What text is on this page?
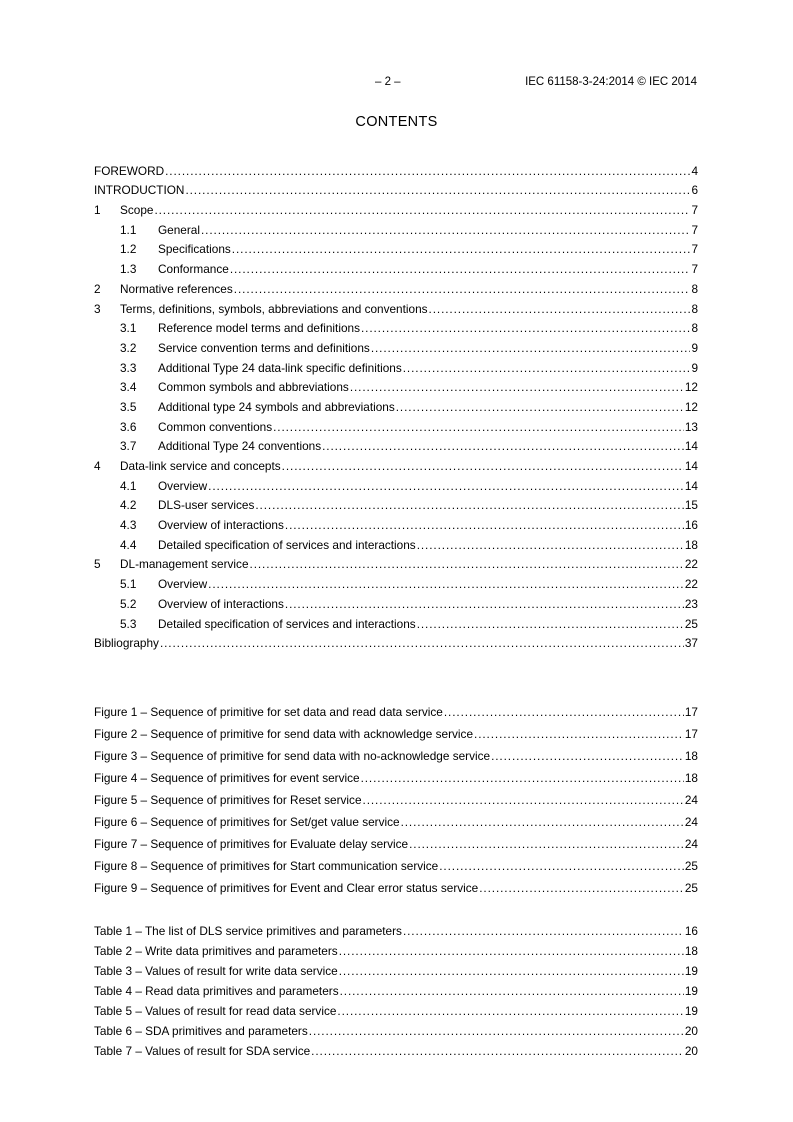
– 2 –	IEC 61158-3-24:2014 © IEC 2014
CONTENTS
FOREWORD .....	4
INTRODUCTION .....	6
1	Scope .....	7
1.1	General .....	7
1.2	Specifications .....	7
1.3	Conformance .....	7
2	Normative references .....	8
3	Terms, definitions, symbols, abbreviations and conventions .....	8
3.1	Reference model terms and definitions .....	8
3.2	Service convention terms and definitions .....	9
3.3	Additional Type 24 data-link specific definitions .....	9
3.4	Common symbols and abbreviations .....	12
3.5	Additional type 24 symbols and abbreviations .....	12
3.6	Common conventions .....	13
3.7	Additional Type 24 conventions .....	14
4	Data-link service and concepts .....	14
4.1	Overview .....	14
4.2	DLS-user services .....	15
4.3	Overview of interactions .....	16
4.4	Detailed specification of services and interactions .....	18
5	DL-management service .....	22
5.1	Overview .....	22
5.2	Overview of interactions .....	23
5.3	Detailed specification of services and interactions .....	25
Bibliography .....	37
Figure 1 – Sequence of primitive for set data and read data service .....	17
Figure 2 – Sequence of primitive for send data with acknowledge service .....	17
Figure 3 – Sequence of primitive for send data with no-acknowledge service .....	18
Figure 4 – Sequence of primitives for event service .....	18
Figure 5 – Sequence of primitives for Reset service .....	24
Figure 6 – Sequence of primitives for Set/get value service .....	24
Figure 7 – Sequence of primitives for Evaluate delay service .....	24
Figure 8 – Sequence of primitives for Start communication service .....	25
Figure 9 – Sequence of primitives for Event and Clear error status service .....	25
Table 1 – The list of DLS service primitives and parameters .....	16
Table 2 – Write data primitives and parameters .....	18
Table 3 – Values of result for write data service .....	19
Table 4 – Read data primitives and parameters .....	19
Table 5 – Values of result for read data service .....	19
Table 6 – SDA primitives and parameters .....	20
Table 7 – Values of result for SDA service .....	20
